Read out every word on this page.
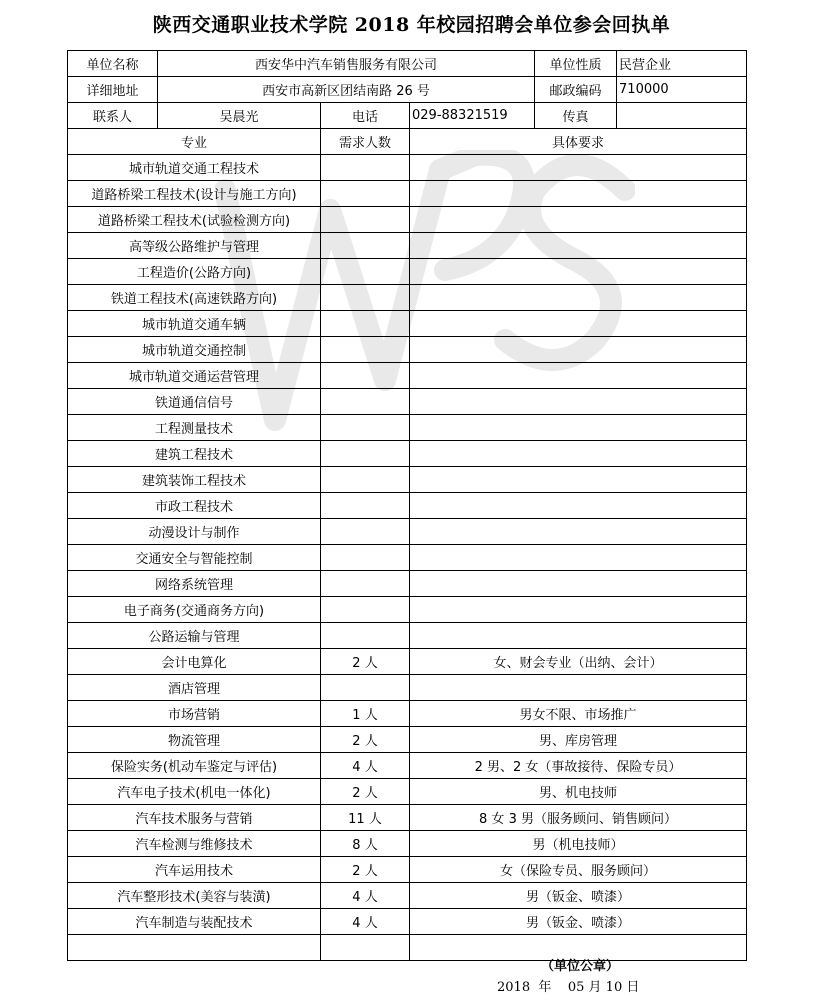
陕西交通职业技术学院 2018 年校园招聘会单位参会回执单
单位名称	西安华中汽车销售服务有限公司			单位性质	民营企业
详细地址	西安市高新区团结南路 26 号			邮政编码	710000
联系人	吴晨光	电话	029-88321519	传真	
专业		需求人数	具体要求		
城市轨道交通工程技术					
道路桥梁工程技术(设计与施工方向)					
道路桥梁工程技术(试验检测方向)					
高等级公路维护与管理					
工程造价(公路方向)					
铁道工程技术(高速铁路方向)					
城市轨道交通车辆					
城市轨道交通控制					
城市轨道交通运营管理					
铁道通信信号					
工程测量技术					
建筑工程技术					
建筑装饰工程技术					
市政工程技术					
动漫设计与制作					
交通安全与智能控制					
网络系统管理					
电子商务(交通商务方向)					
公路运输与管理					
会计电算化		2 人	女、财会专业（出纳、会计）		
酒店管理					
市场营销		1 人	男女不限、市场推广		
物流管理		2 人	男、库房管理		
保险实务(机动车鉴定与评估)		4 人	2 男、2 女（事故接待、保险专员）		
汽车电子技术(机电一体化)		2 人	男、机电技师		
汽车技术服务与营销		11 人	8 女 3 男（服务顾问、销售顾问）		
汽车检测与维修技术		8 人	男（机电技师）		
汽车运用技术		2 人	女（保险专员、服务顾问）		
汽车整形技术(美容与装潢)		4 人	男（钣金、喷漆）		
汽车制造与装配技术		4 人	男（钣金、喷漆）		

（单位公章）
2018  年    05 月 10 日
